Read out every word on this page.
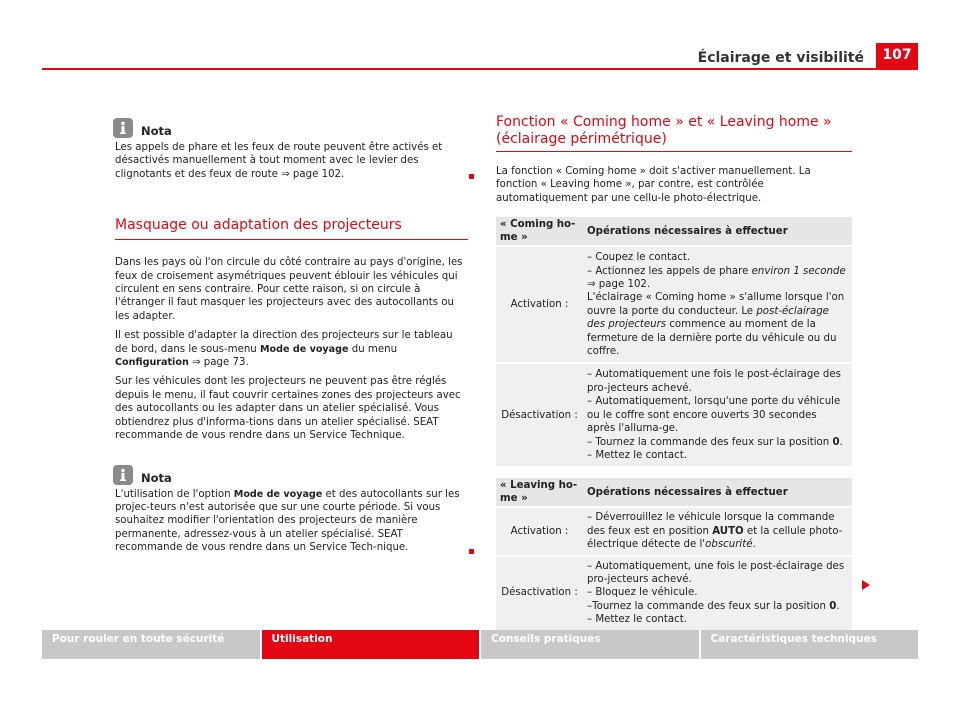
Éclairage et visibilité	107
Nota

Les appels de phare et les feux de route peuvent être activés et désactivés manuellement à tout moment avec le levier des clignotants et des feux de route ⇒ page 102.

Masquage ou adaptation des projecteurs

Dans les pays où l'on circule du côté contraire au pays d'origine, les feux de croisement asymétriques peuvent éblouir les véhicules qui circulent en sens contraire. Pour cette raison, si on circule à l'étranger il faut masquer les projecteurs avec des autocollants ou les adapter.

Il est possible d'adapter la direction des projecteurs sur le tableau de bord, dans le sous-menu Mode de voyage du menu Configuration ⇒ page 73.

Sur les véhicules dont les projecteurs ne peuvent pas être réglés depuis le menu, il faut couvrir certaines zones des projecteurs avec des autocollants ou les adapter dans un atelier spécialisé. Vous obtiendrez plus d'informa-tions dans un atelier spécialisé. SEAT recommande de vous rendre dans un Service Technique.

Nota

L'utilisation de l'option Mode de voyage et des autocollants sur les projec-teurs n'est autorisée que sur une courte période. Si vous souhaitez modifier l'orientation des projecteurs de manière permanente, adressez-vous à un atelier spécialisé. SEAT recommande de vous rendre dans un Service Tech-nique.

Fonction « Coming home » et « Leaving home » (éclairage périmétrique)

La fonction « Coming home » doit s'activer manuellement. La fonction « Leaving home », par contre, est contrôlée automatiquement par une cellu-le photo-électrique.

« Coming ho-me »	Opérations nécessaires à effectuer

Activation :	– Coupez le contact.
– Actionnez les appels de phare environ 1 seconde
⇒ page 102.
L'éclairage « Coming home » s'allume lorsque l'on ouvre la porte du conducteur. Le post-éclairage des projecteurs commence au moment de la fermeture de la dernière porte du véhicule ou du coffre.

Désactivation :	– Automatiquement une fois le post-éclairage des pro-jecteurs achevé.
– Automatiquement, lorsqu'une porte du véhicule ou le coffre sont encore ouverts 30 secondes après l'alluma-ge.
– Tournez la commande des feux sur la position 0.
– Mettez le contact.
« Leaving ho-me »	Opérations nécessaires à effectuer

Activation :	– Déverrouillez le véhicule lorsque la commande des feux est en position AUTO et la cellule photo-électrique détecte de l'obscurité.

Désactivation :	– Automatiquement, une fois le post-éclairage des pro-jecteurs achevé.
– Bloquez le véhicule.
–Tournez la commande des feux sur la position 0.
– Mettez le contact.
Pour rouler en toute sécurité	Utilisation	Conseils pratiques	Caractéristiques techniques
